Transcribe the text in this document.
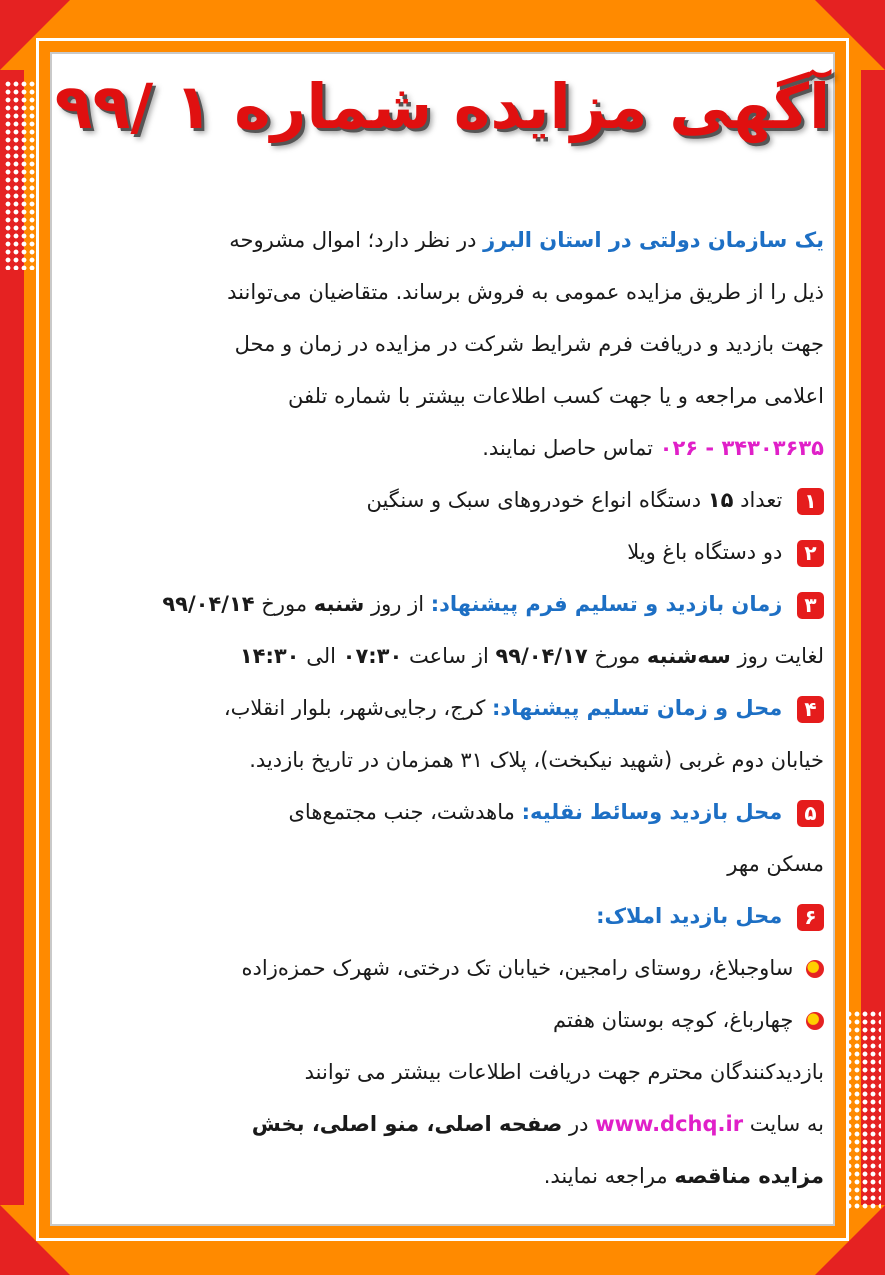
آگهی مزایده شماره ۱ /۹۹
یک سازمان دولتی در استان البرز در نظر دارد؛ اموال مشروحه
ذیل را از طریق مزایده عمومی به فروش برساند. متقاضیان می‌توانند
جهت بازدید و دریافت فرم شرایط شرکت در مزایده در زمان و محل
اعلامی مراجعه و یا جهت کسب اطلاعات بیشتر با شماره تلفن
۳۴۳۰۳۶۳۵ - ۰۲۶ تماس حاصل نمایند.
۱ تعداد ۱۵ دستگاه انواع خودروهای سبک و سنگین
۲ دو دستگاه باغ ویلا
۳ زمان بازدید و تسلیم فرم پیشنهاد: از روز شنبه مورخ ۹۹/۰۴/۱۴
لغایت روز سه‌شنبه مورخ ۹۹/۰۴/۱۷ از ساعت ۰۷:۳۰ الی ۱۴:۳۰
۴ محل و زمان تسلیم پیشنهاد: کرج، رجایی‌شهر، بلوار انقلاب،
خیابان دوم غربی (شهید نیکبخت)، پلاک ۳۱ همزمان در تاریخ بازدید.
۵ محل بازدید وسائط نقلیه: ماهدشت، جنب مجتمع‌های
مسکن مهر
۶ محل بازدید املاک:
ساوجبلاغ، روستای رامجین، خیابان تک درختی، شهرک حمزه‌زاده
چهارباغ، کوچه بوستان هفتم
بازدیدکنندگان محترم جهت دریافت اطلاعات بیشتر می توانند
به سایت www.dchq.ir در صفحه اصلی، منو اصلی، بخش
مزایده مناقصه مراجعه نمایند.
